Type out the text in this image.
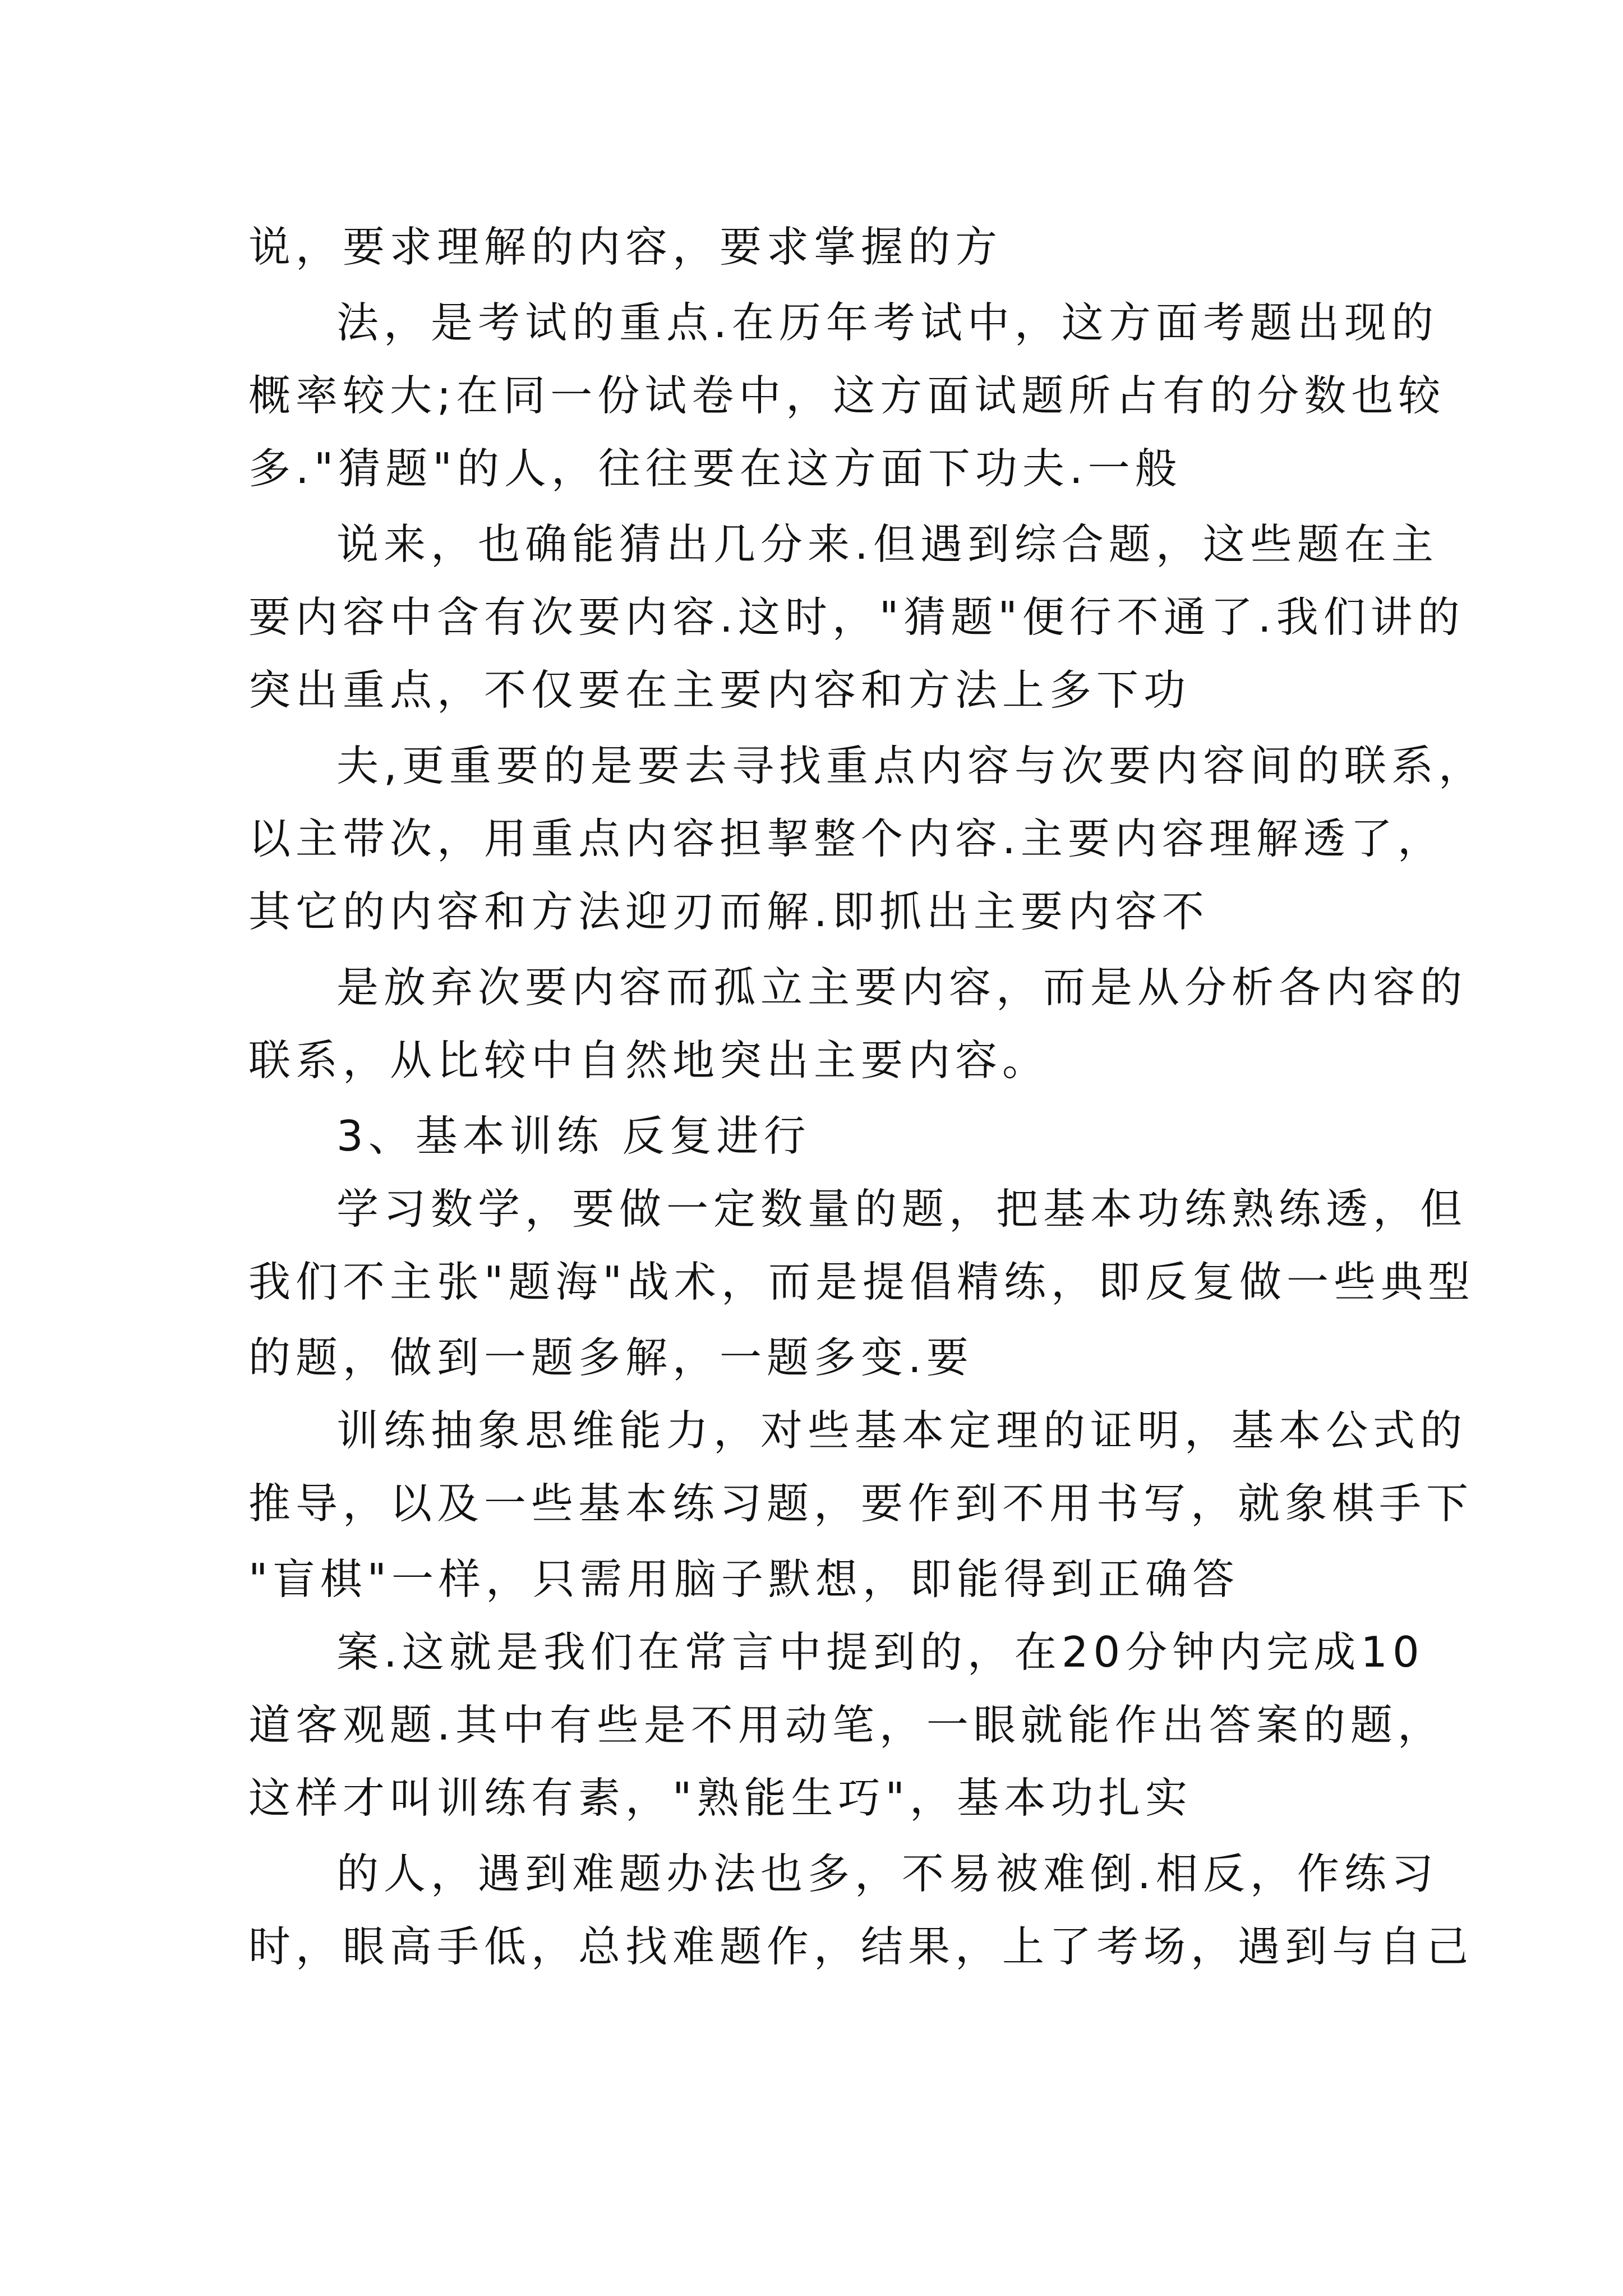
说，要求理解的内容，要求掌握的方

法，是考试的重点.在历年考试中，这方面考题出现的

概率较大;在同一份试卷中，这方面试题所占有的分数也较

多."猜题"的人，往往要在这方面下功夫.一般

说来，也确能猜出几分来.但遇到综合题，这些题在主

要内容中含有次要内容.这时，"猜题"便行不通了.我们讲的

突出重点，不仅要在主要内容和方法上多下功

夫,更重要的是要去寻找重点内容与次要内容间的联系，

以主带次，用重点内容担挈整个内容.主要内容理解透了，

其它的内容和方法迎刃而解.即抓出主要内容不

是放弃次要内容而孤立主要内容，而是从分析各内容的

联系，从比较中自然地突出主要内容。

3、基本训练 反复进行

学习数学，要做一定数量的题，把基本功练熟练透，但

我们不主张"题海"战术，而是提倡精练，即反复做一些典型

的题，做到一题多解，一题多变.要

训练抽象思维能力，对些基本定理的证明，基本公式的

推导，以及一些基本练习题，要作到不用书写，就象棋手下

"盲棋"一样，只需用脑子默想，即能得到正确答

案.这就是我们在常言中提到的，在20分钟内完成10

道客观题.其中有些是不用动笔，一眼就能作出答案的题，

这样才叫训练有素，"熟能生巧"，基本功扎实

的人，遇到难题办法也多，不易被难倒.相反，作练习

时，眼高手低，总找难题作，结果，上了考场，遇到与自己
